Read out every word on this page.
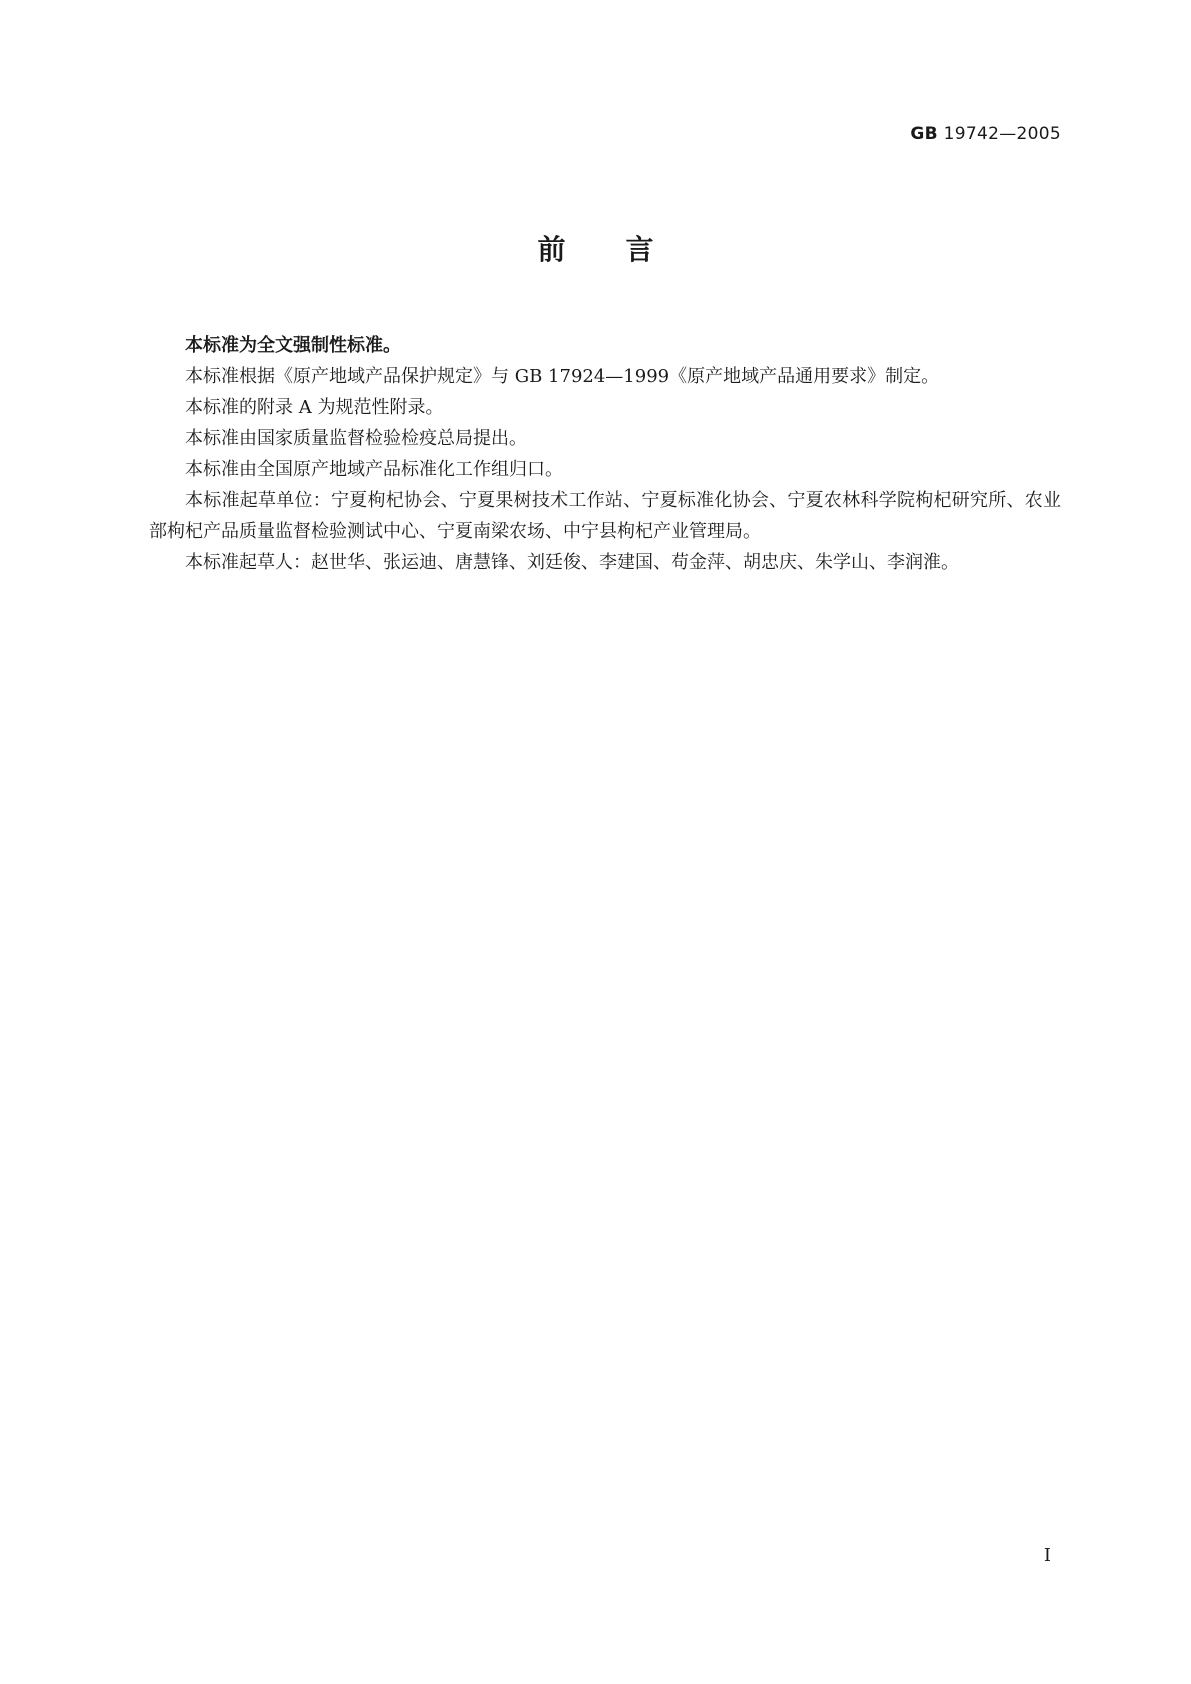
GB 19742—2005
前言

本标准为全文强制性标准。

本标准根据《原产地域产品保护规定》与 GB 17924—1999《原产地域产品通用要求》制定。

本标准的附录 A 为规范性附录。

本标准由国家质量监督检验检疫总局提出。

本标准由全国原产地域产品标准化工作组归口。

本标准起草单位：宁夏枸杞协会、宁夏果树技术工作站、宁夏标准化协会、宁夏农林科学院枸杞研究所、农业部枸杞产品质量监督检验测试中心、宁夏南梁农场、中宁县枸杞产业管理局。

本标准起草人：赵世华、张运迪、唐慧锋、刘廷俊、李建国、苟金萍、胡忠庆、朱学山、李润淮。

I
